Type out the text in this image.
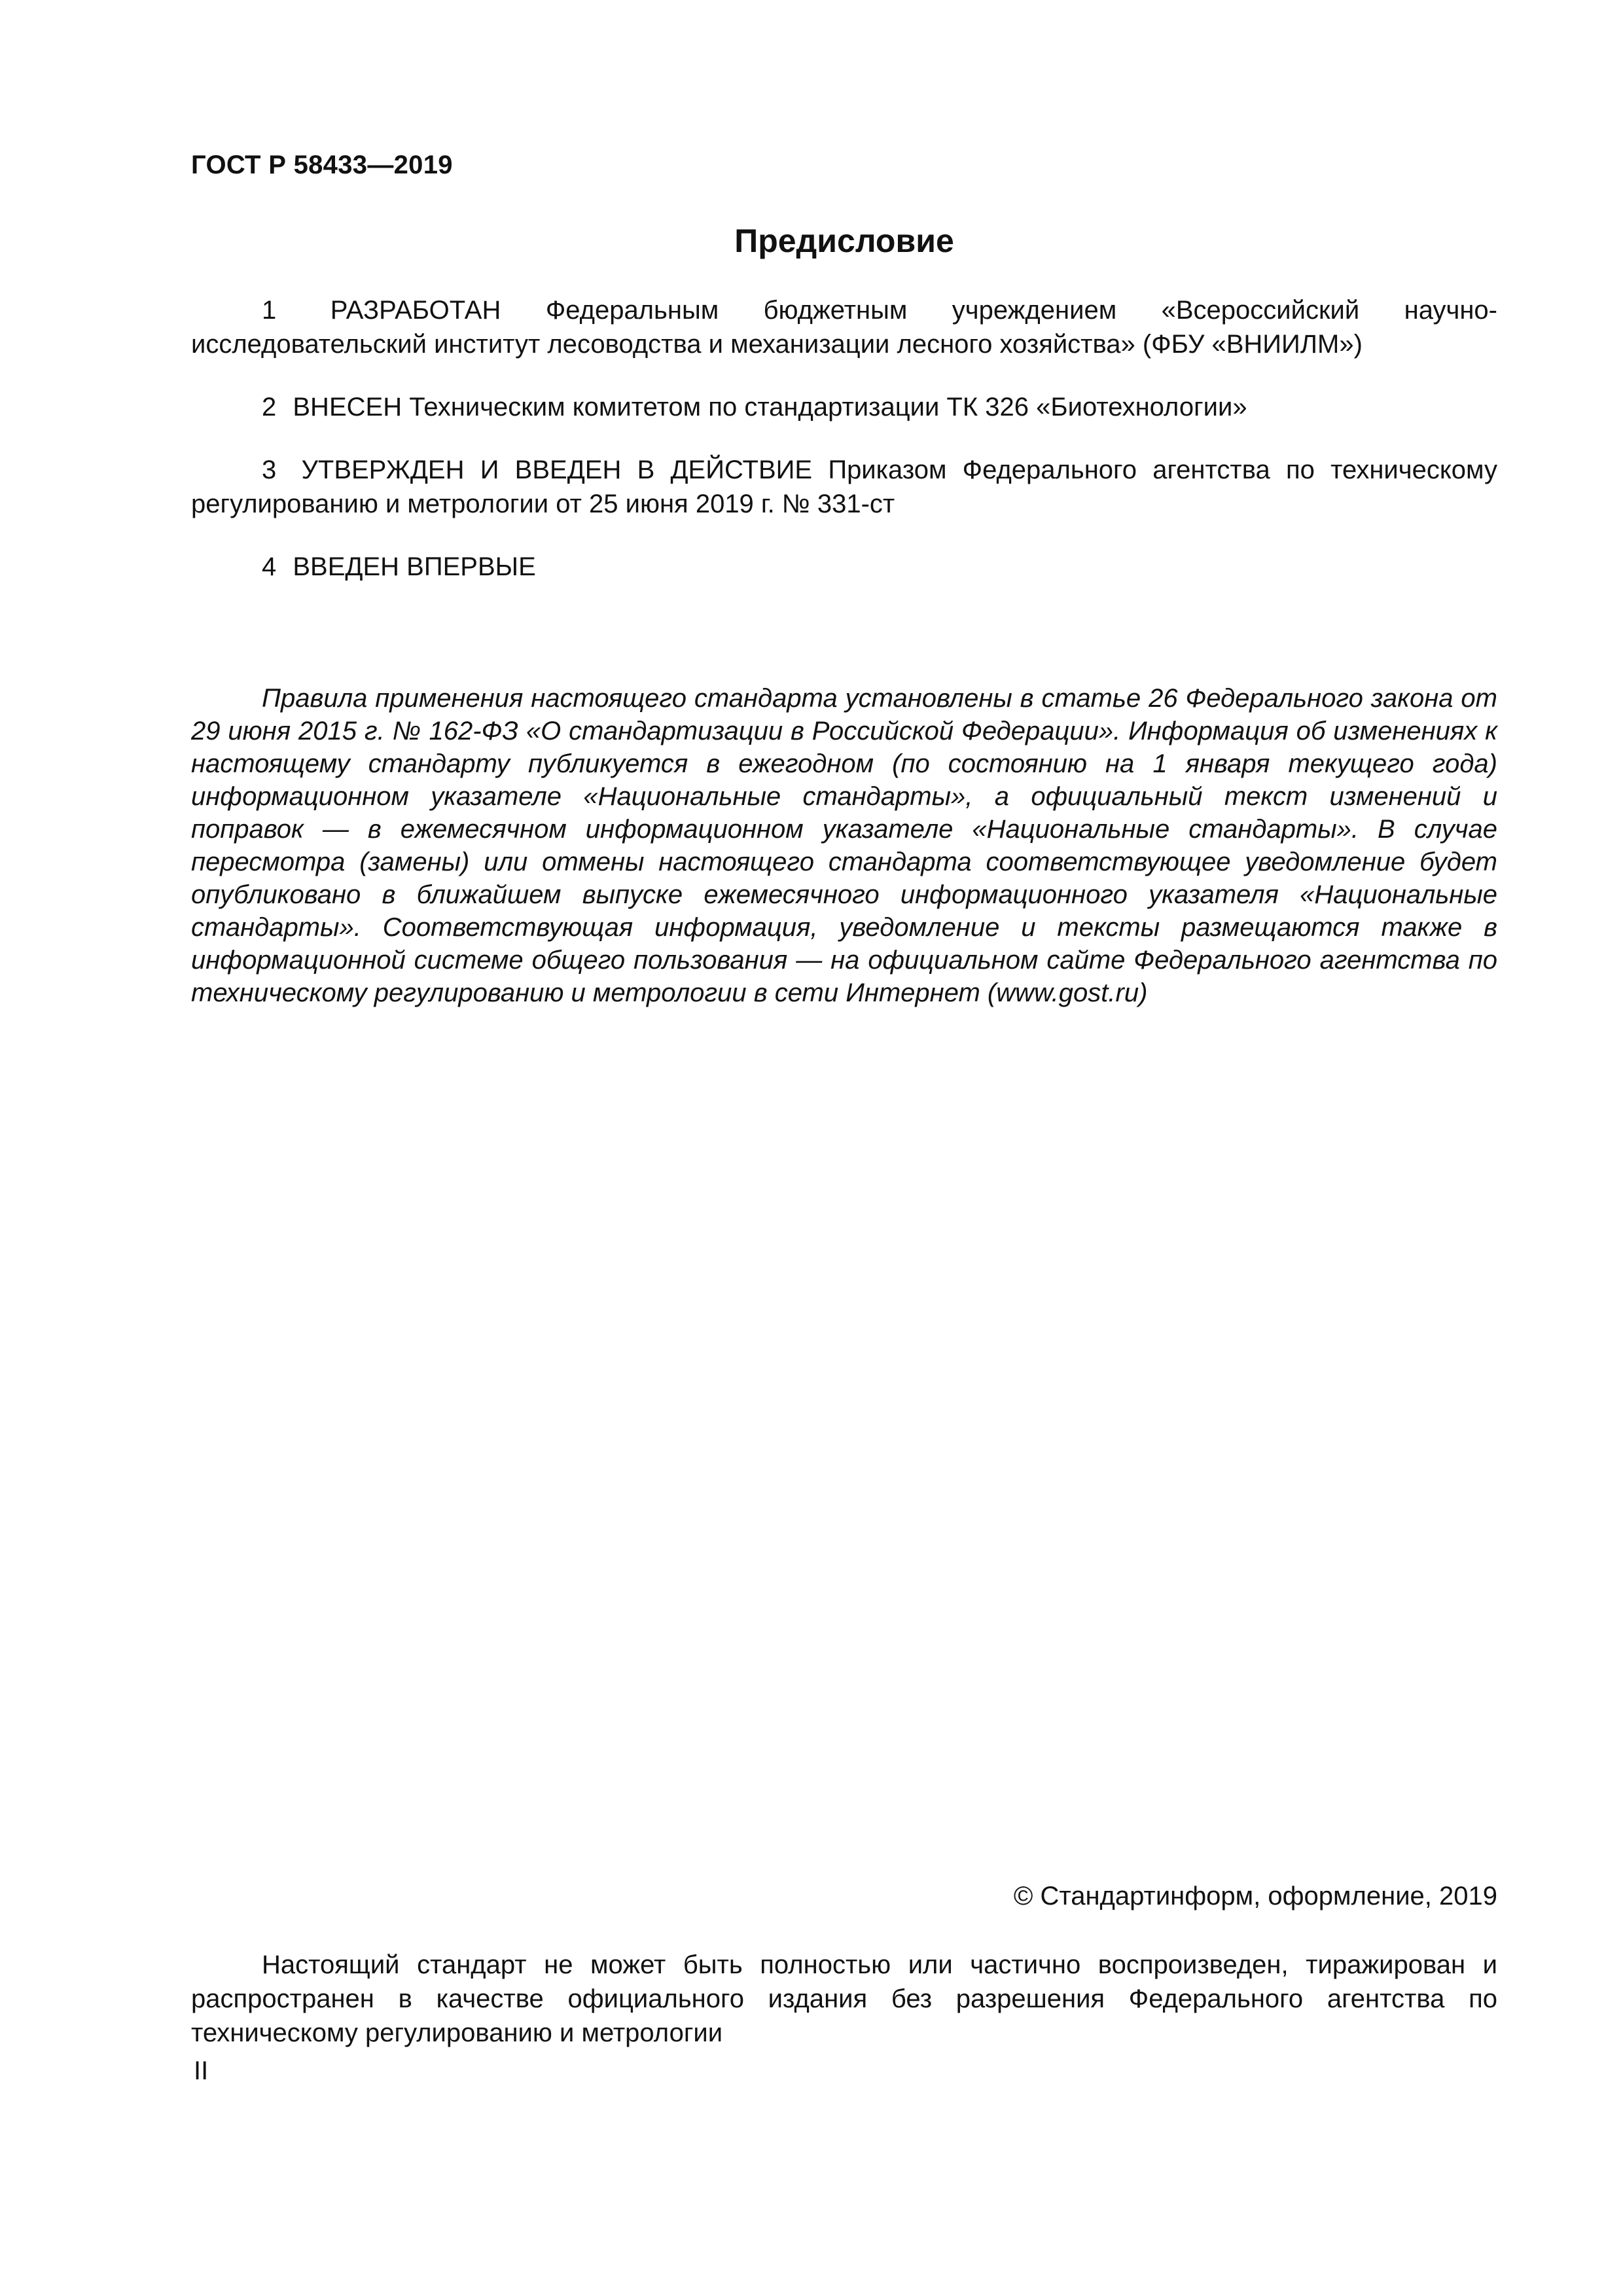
ГОСТ Р 58433—2019
Предисловие

1 РАЗРАБОТАН Федеральным бюджетным учреждением «Всероссийский научно-исследовательский институт лесоводства и механизации лесного хозяйства» (ФБУ «ВНИИЛМ»)

2 ВНЕСЕН Техническим комитетом по стандартизации ТК 326 «Биотехнологии»

3 УТВЕРЖДЕН И ВВЕДЕН В ДЕЙСТВИЕ Приказом Федерального агентства по техническому регулированию и метрологии от 25 июня 2019 г. № 331-ст

4 ВВЕДЕН ВПЕРВЫЕ

Правила применения настоящего стандарта установлены в статье 26 Федерального закона от 29 июня 2015 г. № 162-ФЗ «О стандартизации в Российской Федерации». Информация об изменениях к настоящему стандарту публикуется в ежегодном (по состоянию на 1 января текущего года) информационном указателе «Национальные стандарты», а официальный текст изменений и поправок — в ежемесячном информационном указателе «Национальные стандарты». В случае пересмотра (замены) или отмены настоящего стандарта соответствующее уведомление будет опубликовано в ближайшем выпуске ежемесячного информационного указателя «Национальные стандарты». Соответствующая информация, уведомление и тексты размещаются также в информационной системе общего пользования — на официальном сайте Федерального агентства по техническому регулированию и метрологии в сети Интернет (www.gost.ru)
© Стандартинформ, оформление, 2019
Настоящий стандарт не может быть полностью или частично воспроизведен, тиражирован и распространен в качестве официального издания без разрешения Федерального агентства по техническому регулированию и метрологии
II
